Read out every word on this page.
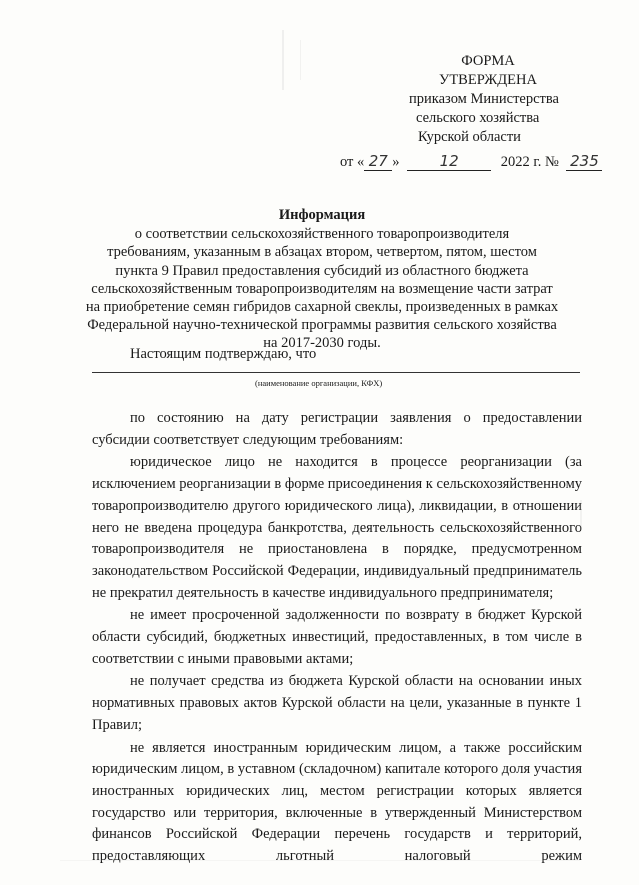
ФОРМА
УТВЕРЖДЕНА
приказом Министерства
сельского хозяйства
Курской области
от « 27 »	12	2022 г. № 235
Информация
о соответствии сельскохозяйственного товаропроизводителя
требованиям, указанным в абзацах втором, четвертом, пятом, шестом
пункта 9 Правил предоставления субсидий из областного бюджета
сельскохозяйственным товаропроизводителям на возмещение части затрат
на приобретение семян гибридов сахарной свеклы, произведенных в рамках
Федеральной научно-технической программы развития сельского хозяйства
на 2017-2030 годы.
Настоящим подтверждаю, что
(наименование организации, КФХ)

по состоянию на дату регистрации заявления о предоставлении субсидии соответствует следующим требованиям:

юридическое лицо не находится в процессе реорганизации (за исключением реорганизации в форме присоединения к сельскохозяйственному товаропроизводителю другого юридического лица), ликвидации, в отношении него не введена процедура банкротства, деятельность сельскохозяйственного товаропроизводителя не приостановлена в порядке, предусмотренном законодательством Российской Федерации, индивидуальный предприниматель не прекратил деятельность в качестве индивидуального предпринимателя;

не имеет просроченной задолженности по возврату в бюджет Курской области субсидий, бюджетных инвестиций, предоставленных, в том числе в соответствии с иными правовыми актами;

не получает средства из бюджета Курской области на основании иных нормативных правовых актов Курской области на цели, указанные в пункте 1 Правил;

не является иностранным юридическим лицом, а также российским юридическим лицом, в уставном (складочном) капитале которого доля участия иностранных юридических лиц, местом регистрации которых является государство или территория, включенные в утвержденный Министерством финансов Российской Федерации перечень государств и территорий, предоставляющих льготный налоговый режим
